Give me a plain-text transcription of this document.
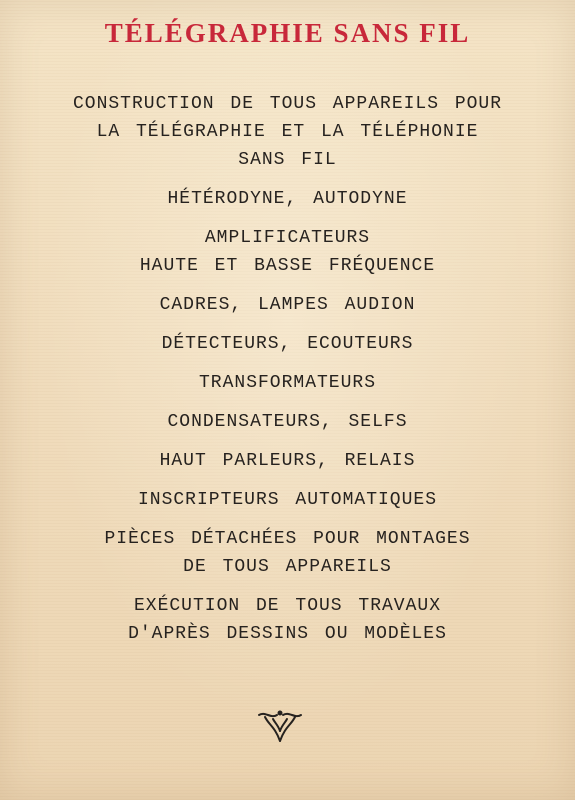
TÉLÉGRAPHIE SANS FIL
CONSTRUCTION DE TOUS APPAREILS POUR
LA TÉLÉGRAPHIE ET LA TÉLÉPHONIE
SANS FIL
HÉTÉRODYNE, AUTODYNE
AMPLIFICATEURS
HAUTE ET BASSE FRÉQUENCE
CADRES, LAMPES AUDION
DÉTECTEURS, ECOUTEURS
TRANSFORMATEURS
CONDENSATEURS, SELFS
HAUT PARLEURS, RELAIS
INSCRIPTEURS AUTOMATIQUES
PIÈCES DÉTACHÉES POUR MONTAGES
DE TOUS APPAREILS
EXÉCUTION DE TOUS TRAVAUX
D'APRÈS DESSINS OU MODÈLES
